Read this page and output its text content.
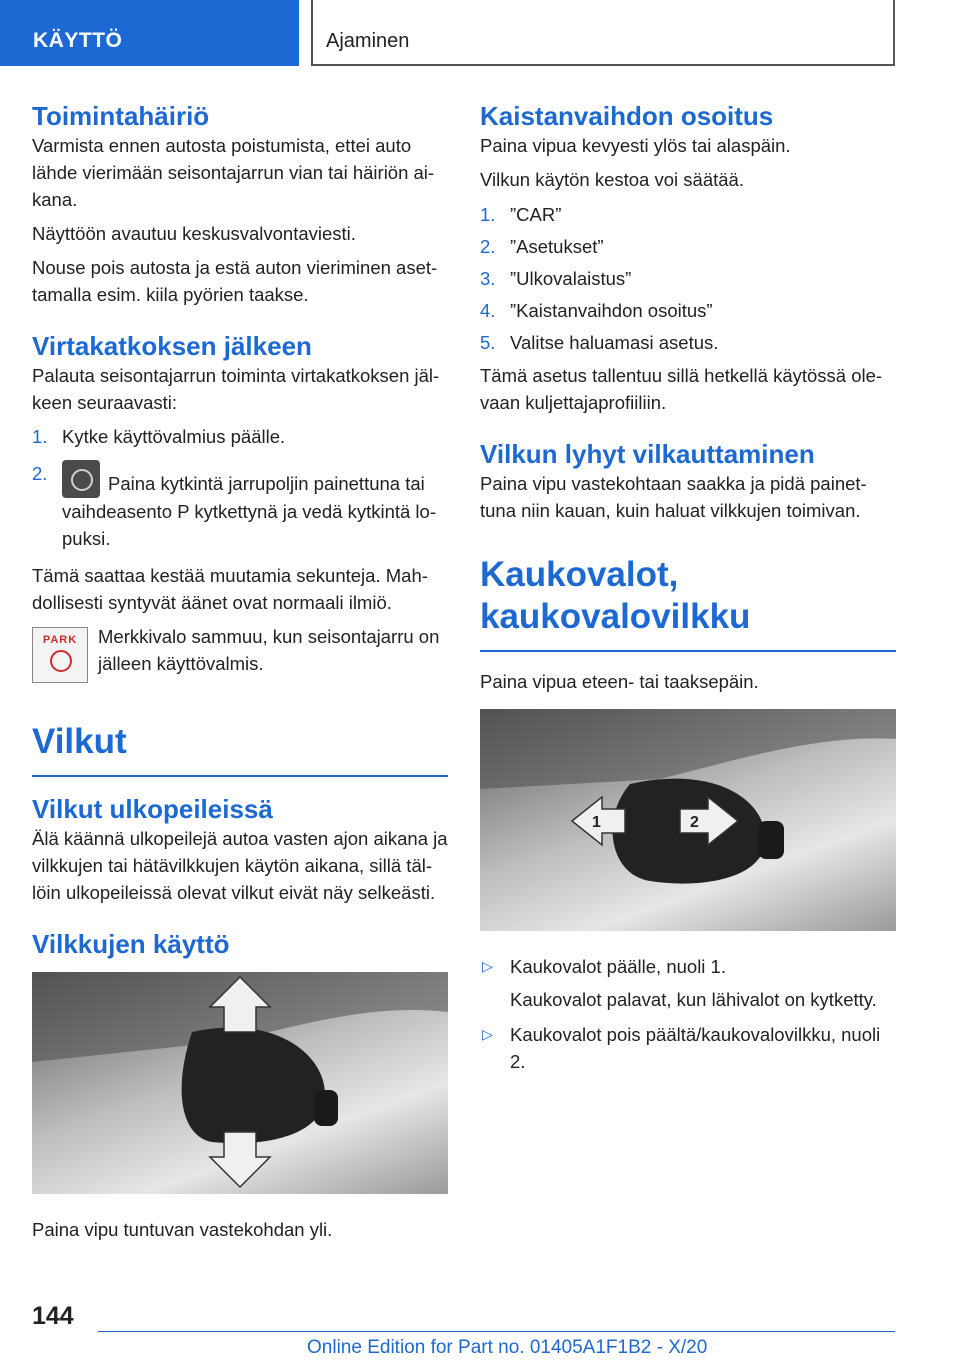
KÄYTTÖ	Ajaminen
Toimintahäiriö

Varmista ennen autosta poistumista, ettei auto lähde vierimään seisontajarrun vian tai häiriön aikana.

Näyttöön avautuu keskusvalvontaviesti.

Nouse pois autosta ja estä auton vieriminen asettamalla esim. kiila pyörien taakse.

Virtakatkoksen jälkeen

Palauta seisontajarrun toiminta virtakatkoksen jälkeen seuraavasti:

1. Kytke käyttövalmius päälle.
2.	Paina kytkintä jarrupoljin painettuna tai vaihdeasento P kytkettynä ja vedä kytkintä lopuksi.

Tämä saattaa kestää muutamia sekunteja. Mahdollisesti syntyvät äänet ovat normaali ilmiö.

PARK	Merkkivalo sammuu, kun seisontajarru on jälleen käyttövalmis.

Vilkut
Vilkut ulkopeileissä

Älä käännä ulkopeilejä autoa vasten ajon aikana ja vilkkujen tai hätävilkkujen käytön aikana, sillä tällöin ulkopeileissä olevat vilkut eivät näy selkeästi.

Vilkkujen käyttö

Paina vipu tuntuvan vastekohdan yli.

Kaistanvaihdon osoitus

Paina vipua kevyesti ylös tai alaspäin.

Vilkun käytön kestoa voi säätää.

1. ”CAR”
2. ”Asetukset”
3. ”Ulkovalaistus”
4. ”Kaistanvaihdon osoitus”
5. Valitse haluamasi asetus.

Tämä asetus tallentuu sillä hetkellä käytössä olevaan kuljettajaprofiiliin.

Vilkun lyhyt vilkauttaminen

Paina vipu vastekohtaan saakka ja pidä painettuna niin kauan, kuin haluat vilkkujen toimivan.

Kaukovalot, kaukovalovilkku

Paina vipua eteen- tai taaksepäin.

1	2
▷ Kaukovalot päälle, nuoli 1.
Kaukovalot palavat, kun lähivalot on kytketty.
▷ Kaukovalot pois päältä/kaukovalovilkku, nuoli 2.
144
Online Edition for Part no. 01405A1F1B2 - X/20
